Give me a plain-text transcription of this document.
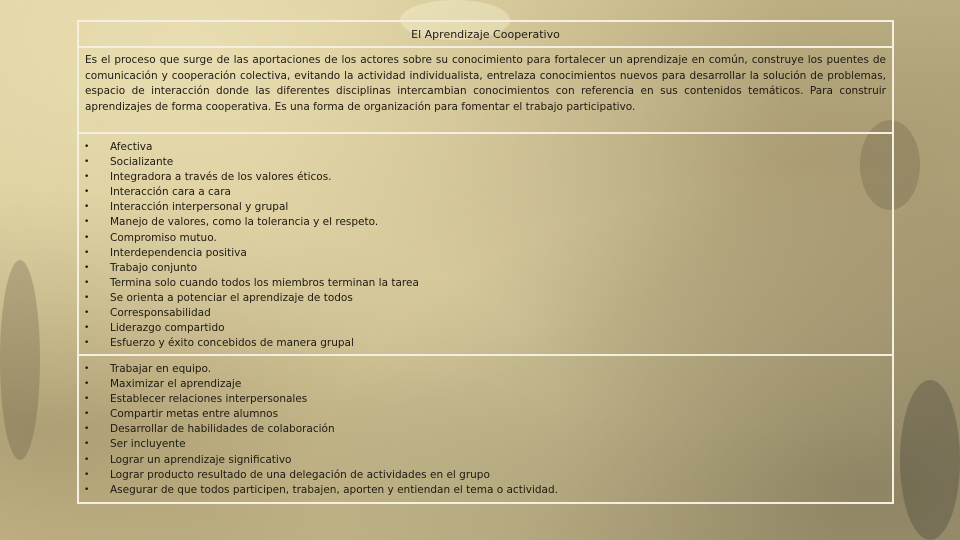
El Aprendizaje Cooperativo

Es el proceso que surge de las aportaciones de los actores sobre su conocimiento para fortalecer un aprendizaje en común, construye los puentes de comunicación y cooperación colectiva, evitando la actividad individualista, entrelaza conocimientos nuevos para desarrollar la solución de problemas, espacio de interacción donde las diferentes disciplinas intercambian conocimientos con referencia en sus contenidos temáticos. Para construir aprendizajes de forma cooperativa. Es una forma de organización para fomentar el trabajo participativo.

• Afectiva
• Socializante
• Integradora a través de los valores éticos.
• Interacción cara a cara
• Interacción interpersonal y grupal
• Manejo de valores, como la tolerancia y el respeto.
• Compromiso mutuo.
• Interdependencia positiva
• Trabajo conjunto
• Termina solo cuando todos los miembros terminan la tarea
• Se orienta a potenciar el aprendizaje de todos
• Corresponsabilidad
• Liderazgo compartido
• Esfuerzo y éxito concebidos de manera grupal
• Trabajar en equipo.
• Maximizar el aprendizaje
• Establecer relaciones interpersonales
• Compartir metas entre alumnos
• Desarrollar de habilidades de colaboración
• Ser incluyente
• Lograr un aprendizaje significativo
• Lograr producto resultado de una delegación de actividades en el grupo
• Asegurar de que todos participen, trabajen, aporten y entiendan el tema o actividad.
